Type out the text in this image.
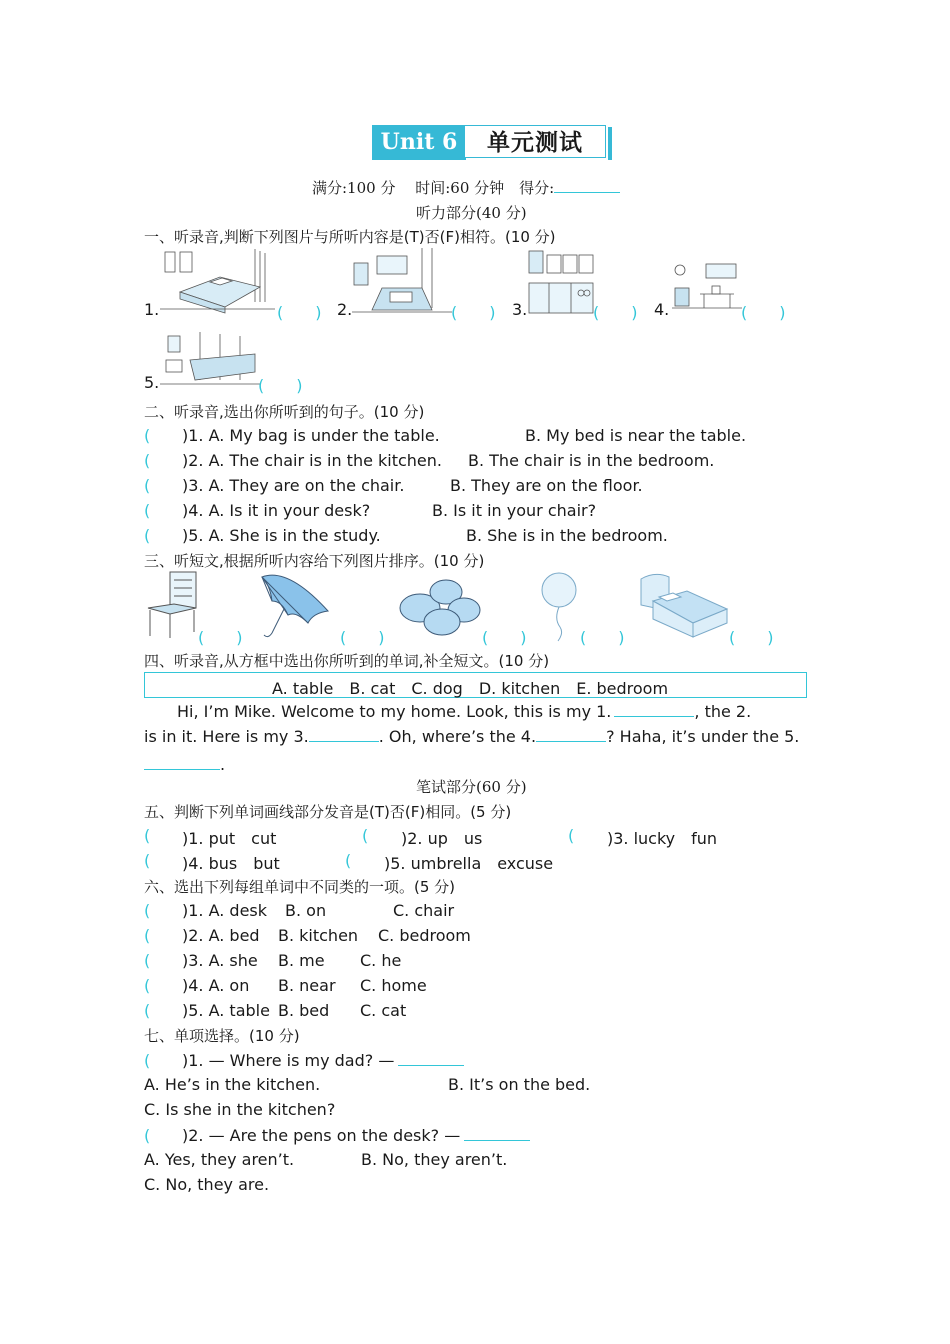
Unit 6	单元测试
满分:100 分　 时间:60 分钟　得分:
听力部分(40 分)
一、听录音,判断下列图片与所听内容是(T)否(F)相符。(10 分)
1.	(　　) 2.	(　　) 3.	(　　) 4.	(　　)
5.	(　　)
二、听录音,选出你所听到的句子。(10 分)
( )1. A. My bag is under the table.	B. My bed is near the table.
( )2. A. The chair is in the kitchen. B. The chair is in the bedroom.
( )3. A. They are on the chair.	B. They are on the floor.
( )4. A. Is it in your desk?	B. Is it in your chair?
( )5. A. She is in the study.	B. She is in the bedroom.
三、听短文,根据所听内容给下列图片排序。(10 分)
(　　)	(　　)	(　　)	(　　)	(　　)
四、听录音,从方框中选出你所听到的单词,补全短文。(10 分)
A. table　B. cat　C. dog　D. kitchen　E. bedroom
Hi, I’m Mike. Welcome to my home. Look, this is my 1.	, the 2.
is in it. Here is my 3.	. Oh, where’s the 4.	? Haha, it’s under the 5.
.
笔试部分(60 分)
五、判断下列单词画线部分发音是(T)否(F)相同。(5 分)
( )1. put　cut	( )2. up　us	( )3. lucky　fun
( )4. bus　but	( )5. umbrella　excuse
六、选出下列每组单词中不同类的一项。(5 分)
( )1. A. desk B. on	C. chair
( )2. A. bed B. kitchen C. bedroom
( )3. A. she B. me C. he
( )4. A. on B. near C. home
( )5. A. table B. bed C. cat
七、单项选择。(10 分)
( )1. — Where is my dad? —
A. He’s in the kitchen.	B. It’s on the bed.
C. Is she in the kitchen?
( )2. — Are the pens on the desk? —
A. Yes, they aren’t.	B. No, they aren’t.
C. No, they are.
